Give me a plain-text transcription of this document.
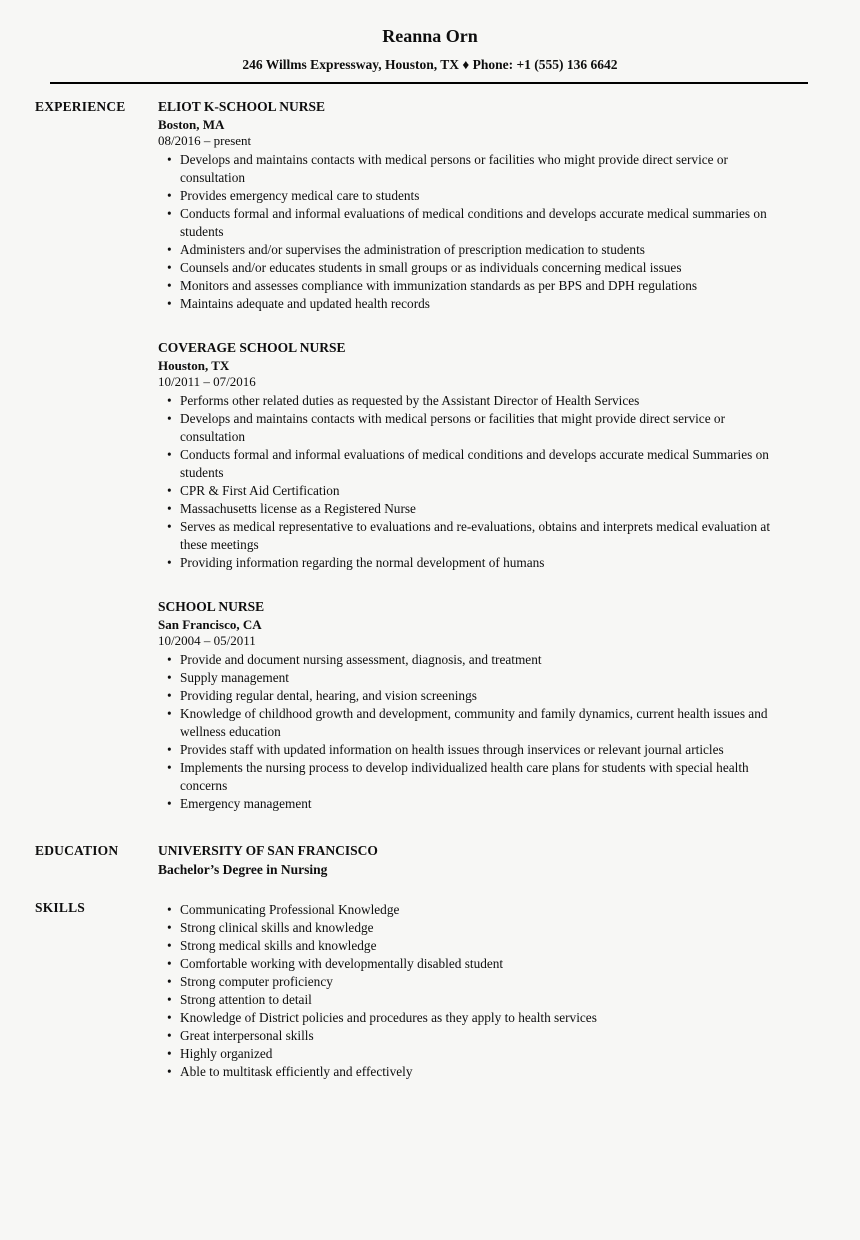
Reanna Orn
246 Willms Expressway, Houston, TX ♦ Phone: +1 (555) 136 6642
EXPERIENCE	ELIOT K-SCHOOL NURSE
Boston, MA
08/2016 – present
• Develops and maintains contacts with medical persons or facilities who might provide direct service or consultation
• Provides emergency medical care to students
• Conducts formal and informal evaluations of medical conditions and develops accurate medical summaries on students
• Administers and/or supervises the administration of prescription medication to students
• Counsels and/or educates students in small groups or as individuals concerning medical issues
• Monitors and assesses compliance with immunization standards as per BPS and DPH regulations
• Maintains adequate and updated health records
COVERAGE SCHOOL NURSE
Houston, TX
10/2011 – 07/2016
• Performs other related duties as requested by the Assistant Director of Health Services
• Develops and maintains contacts with medical persons or facilities that might provide direct service or consultation
• Conducts formal and informal evaluations of medical conditions and develops accurate medical Summaries on students
• CPR & First Aid Certification
• Massachusetts license as a Registered Nurse
• Serves as medical representative to evaluations and re-evaluations, obtains and interprets medical evaluation at these meetings
• Providing information regarding the normal development of humans
SCHOOL NURSE
San Francisco, CA
10/2004 – 05/2011
• Provide and document nursing assessment, diagnosis, and treatment
• Supply management
• Providing regular dental, hearing, and vision screenings
• Knowledge of childhood growth and development, community and family dynamics, current health issues and wellness education
• Provides staff with updated information on health issues through inservices or relevant journal articles
• Implements the nursing process to develop individualized health care plans for students with special health concerns
• Emergency management
EDUCATION	UNIVERSITY OF SAN FRANCISCO
Bachelor’s Degree in Nursing
SKILLS	• Communicating Professional Knowledge
• Strong clinical skills and knowledge
• Strong medical skills and knowledge
• Comfortable working with developmentally disabled student
• Strong computer proficiency
• Strong attention to detail
• Knowledge of District policies and procedures as they apply to health services
• Great interpersonal skills
• Highly organized
• Able to multitask efficiently and effectively
